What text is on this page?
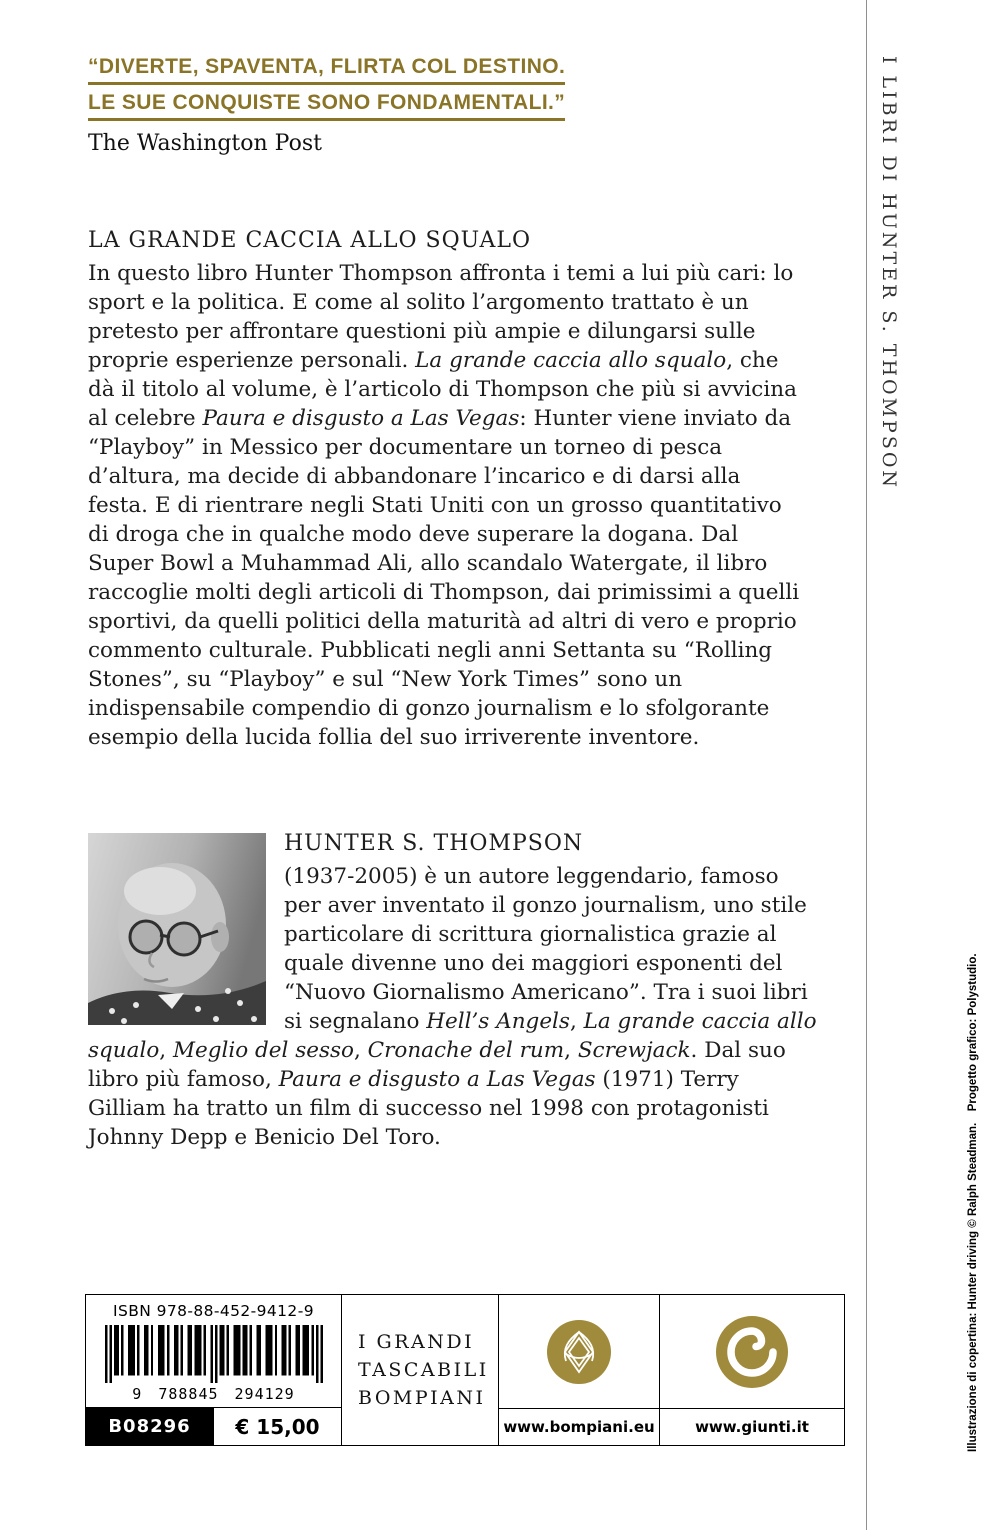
“DIVERTE, SPAVENTA, FLIRTA COL DESTINO.
LE SUE CONQUISTE SONO FONDAMENTALI.”
The Washington Post
LA GRANDE CACCIA ALLO SQUALO

In questo libro Hunter Thompson affronta i temi a lui più cari: lo sport e la politica. E come al solito l’argomento trattato è un pretesto per affrontare questioni più ampie e dilungarsi sulle proprie esperienze personali. La grande caccia allo squalo, che dà il titolo al volume, è l’articolo di Thompson che più si avvicina al celebre Paura e disgusto a Las Vegas: Hunter viene inviato da “Playboy” in Messico per documentare un torneo di pesca d’altura, ma decide di abbandonare l’incarico e di darsi alla festa. E di rientrare negli Stati Uniti con un grosso quantitativo di droga che in qualche modo deve superare la dogana. Dal Super Bowl a Muhammad Ali, allo scandalo Watergate, il libro raccoglie molti degli articoli di Thompson, dai primissimi a quelli sportivi, da quelli politici della maturità ad altri di vero e proprio commento culturale. Pubblicati negli anni Settanta su “Rolling Stones”, su “Playboy” e sul “New York Times” sono un indispensabile compendio di gonzo journalism e lo sfolgorante esempio della lucida follia del suo irriverente inventore.

HUNTER S. THOMPSON

(1937-2005) è un autore leggendario, famoso per aver inventato il gonzo journalism, uno stile particolare di scrittura giornalistica grazie al quale divenne uno dei maggiori esponenti del “Nuovo Giornalismo Americano”. Tra i suoi libri si segnalano Hell’s Angels, La grande caccia allo squalo, Meglio del sesso, Cronache del rum, Screwjack. Dal suo libro più famoso, Paura e disgusto a Las Vegas (1971) Terry Gilliam ha tratto un film di successo nel 1998 con protagonisti Johnny Depp e Benicio Del Toro.

I LIBRI DI HUNTER S. THOMPSON
Illustrazione di copertina: Hunter driving © Ralph Steadman. Progetto grafico: Polystudio.
ISBN 978-88-452-9412-9
9 788845 294129
B08296	€ 15,00
I GRANDI
TASCABILI
BOMPIANI
www.bompiani.eu	www.giunti.it
